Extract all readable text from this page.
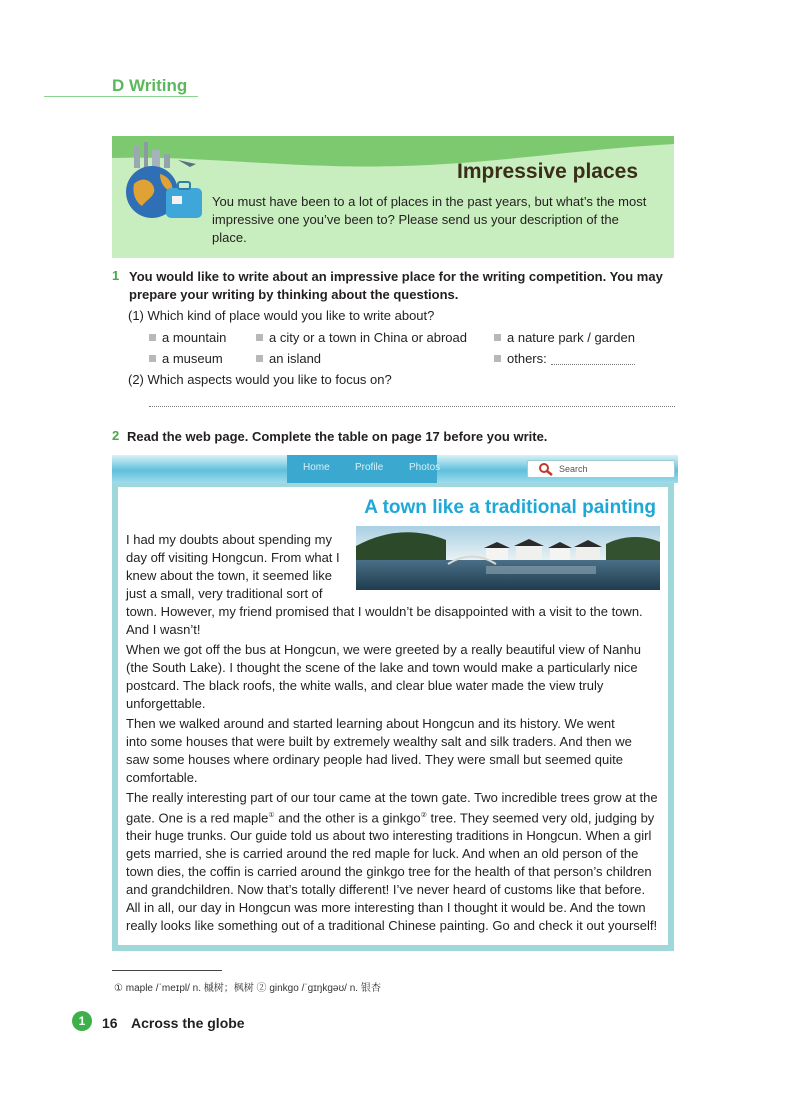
D Writing
Impressive places
You must have been to a lot of places in the past years, but what’s the most impressive one you’ve been to? Please send us your description of the place.
1 You would like to write about an impressive place for the writing competition. You may prepare your writing by thinking about the questions.
(1) Which kind of place would you like to write about?
a mountain	a city or a town in China or abroad	a nature park / garden
a museum	an island	others:
(2) Which aspects would you like to focus on?
2 Read the web page. Complete the table on page 17 before you write.
Home	Profile	Photos	Search
A town like a traditional painting
I had my doubts about spending my
day off visiting Hongcun. From what I
knew about the town, it seemed like
just a small, very traditional sort of
town. However, my friend promised that I wouldn’t be disappointed with a visit to the town. And I wasn’t!
When we got off the bus at Hongcun, we were greeted by a really beautiful view of Nanhu (the South Lake). I thought the scene of the lake and town would make a particularly nice postcard. The black roofs, the white walls, and clear blue water made the view truly unforgettable.
Then we walked around and started learning about Hongcun and its history. We went into some houses that were built by extremely wealthy salt and silk traders. And then we saw some houses where ordinary people had lived. They were small but seemed quite comfortable.
The really interesting part of our tour came at the town gate. Two incredible trees grow at the gate. One is a red maple① and the other is a ginkgo② tree. They seemed very old, judging by their huge trunks. Our guide told us about two interesting traditions in Hongcun. When a girl gets married, she is carried around the red maple for luck. And when an old person of the town dies, the coffin is carried around the ginkgo tree for the health of that person’s children and grandchildren. Now that’s totally different! I’ve never heard of customs like that before.
All in all, our day in Hongcun was more interesting than I thought it would be. And the town really looks like something out of a traditional Chinese painting. Go and check it out yourself!
① maple /ˈmeɪpl/ n. 槭树；枫树 ② ginkgo /ˈɡɪŋkɡəʊ/ n. 银杏
1	16 Across the globe
